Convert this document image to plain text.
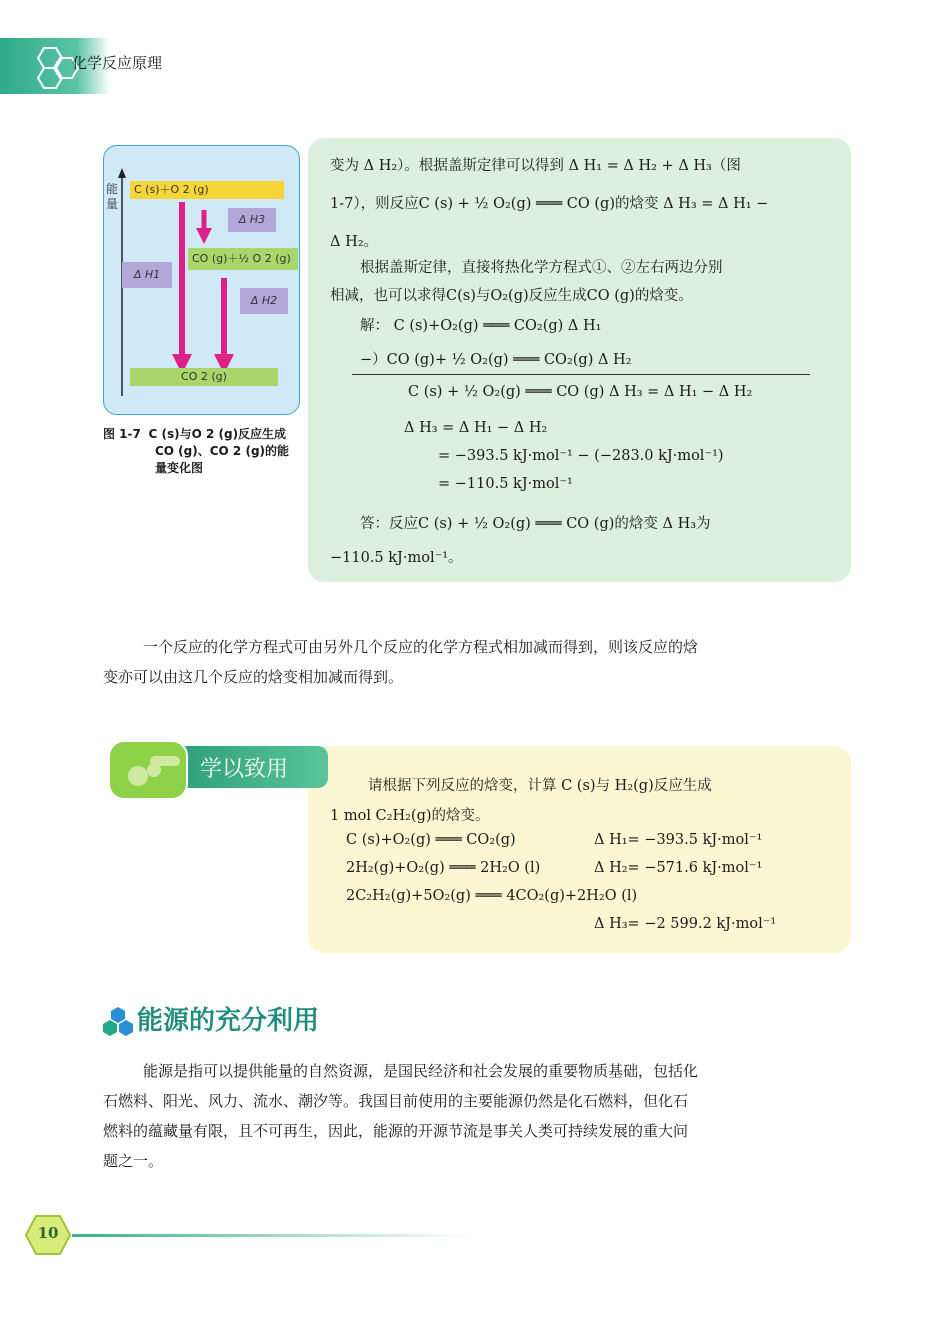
化学反应原理
能
量
C (s)＋O 2 (g)
CO (g)＋½ O 2 (g)
CO 2 (g)
Δ H1
Δ H3
Δ H2
图 1-7 C (s)与O 2 (g)反应生成
CO (g)、CO 2 (g)的能
量变化图
变为 Δ H₂）。根据盖斯定律可以得到 Δ H₁ = Δ H₂ + Δ H₃（图
1-7），则反应C (s) + ½ O₂(g) ═══ CO (g)的焓变 Δ H₃ = Δ H₁ −
Δ H₂。
根据盖斯定律，直接将热化学方程式①、②左右两边分别
相减，也可以求得C(s)与O₂(g)反应生成CO (g)的焓变。
解： C (s)+O₂(g) ═══ CO₂(g) Δ H₁
−）CO (g)+ ½ O₂(g) ═══ CO₂(g) Δ H₂
C (s) + ½ O₂(g) ═══ CO (g) Δ H₃ = Δ H₁ − Δ H₂
Δ H₃ = Δ H₁ − Δ H₂
= −393.5 kJ·mol⁻¹ − (−283.0 kJ·mol⁻¹)
= −110.5 kJ·mol⁻¹
答：反应C (s) + ½ O₂(g) ═══ CO (g)的焓变 Δ H₃为
−110.5 kJ·mol⁻¹。
一个反应的化学方程式可由另外几个反应的化学方程式相加减而得到，则该反应的焓
变亦可以由这几个反应的焓变相加减而得到。
请根据下列反应的焓变，计算 C (s)与 H₂(g)反应生成
1 mol C₂H₂(g)的焓变。
C (s)+O₂(g) ═══ CO₂(g)	Δ H₁= −393.5 kJ·mol⁻¹
2H₂(g)+O₂(g) ═══ 2H₂O (l)	Δ H₂= −571.6 kJ·mol⁻¹
2C₂H₂(g)+5O₂(g) ═══ 4CO₂(g)+2H₂O (l)
Δ H₃= −2 599.2 kJ·mol⁻¹
学以致用
能源的充分利用
能源是指可以提供能量的自然资源，是国民经济和社会发展的重要物质基础，包括化
石燃料、阳光、风力、流水、潮汐等。我国目前使用的主要能源仍然是化石燃料，但化石
燃料的蕴藏量有限，且不可再生，因此，能源的开源节流是事关人类可持续发展的重大问
题之一。
10
